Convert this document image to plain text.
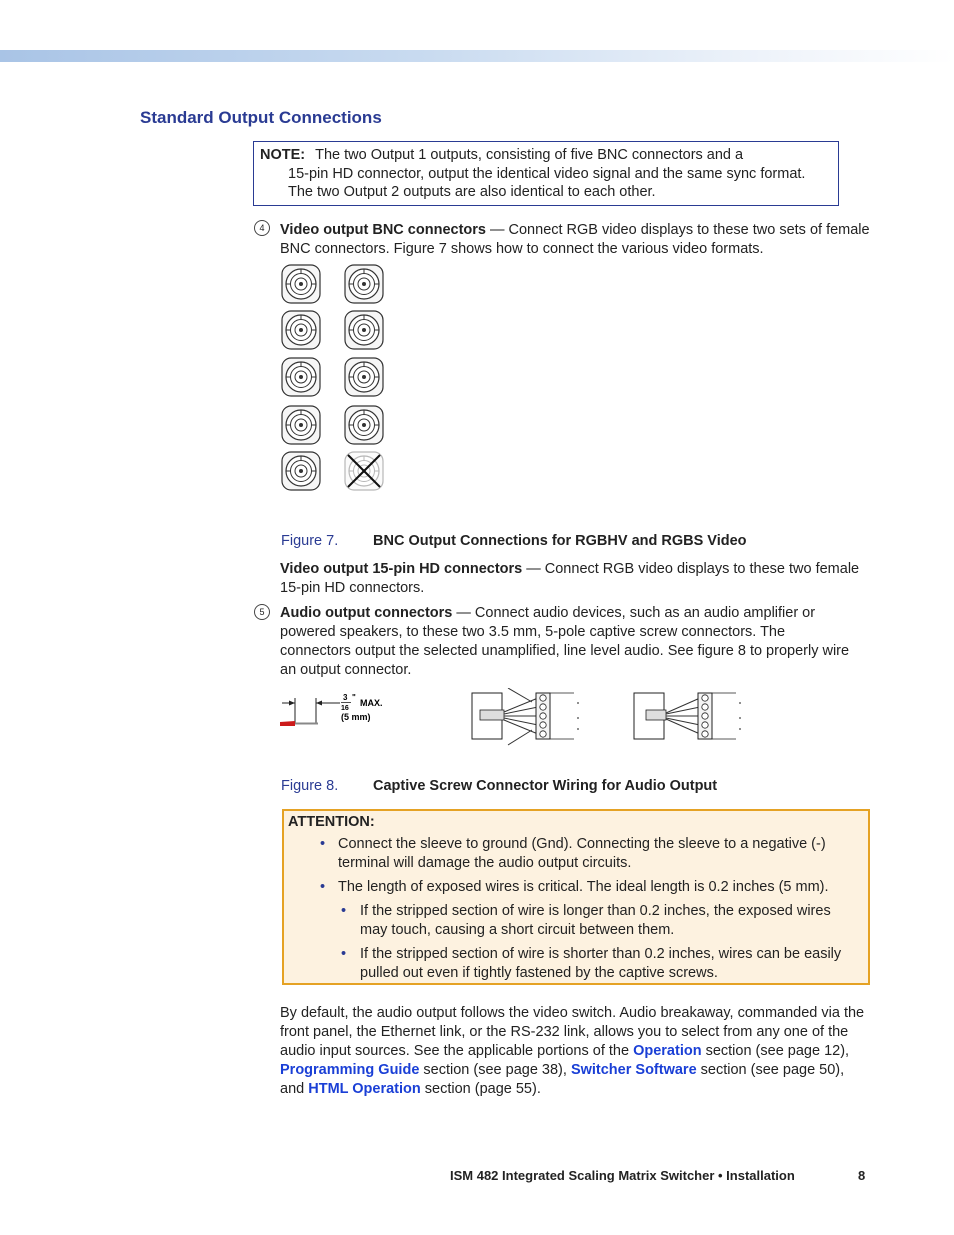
Standard Output Connections
NOTE: The two Output 1 outputs, consisting of five BNC connectors and a
15-pin HD connector, output the identical video signal and the same sync format.
The two Output 2 outputs are also identical to each other.
4	Video output BNC connectors — Connect RGB video displays to these two sets of female BNC connectors. Figure 7 shows how to connect the various video formats.

Figure 7. BNC Output Connections for RGBHV and RGBS Video

Video output 15-pin HD connectors — Connect RGB video displays to these two female 15-pin HD connectors.

5	Audio output connectors — Connect audio devices, such as an audio amplifier or powered speakers, to these two 3.5 mm, 5-pole captive screw connectors. The connectors output the selected unamplified, line level audio. See figure 8 to properly wire an output connector.

3
16
"
MAX.
(5 mm)

Figure 8. Captive Screw Connector Wiring for Audio Output

ATTENTION:

• Connect the sleeve to ground (Gnd). Connecting the sleeve to a negative (-) terminal will damage the audio output circuits.
• The length of exposed wires is critical. The ideal length is 0.2 inches (5 mm).
• If the stripped section of wire is longer than 0.2 inches, the exposed wires may touch, causing a short circuit between them.
• If the stripped section of wire is shorter than 0.2 inches, wires can be easily pulled out even if tightly fastened by the captive screws.

By default, the audio output follows the video switch. Audio breakaway, commanded via the front panel, the Ethernet link, or the RS-232 link, allows you to select from any one of the audio input sources. See the applicable portions of the Operation section (see page 12), Programming Guide section (see page 38), Switcher Software section (see page 50), and HTML Operation section (page 55).

ISM 482 Integrated Scaling Matrix Switcher • Installation	8
